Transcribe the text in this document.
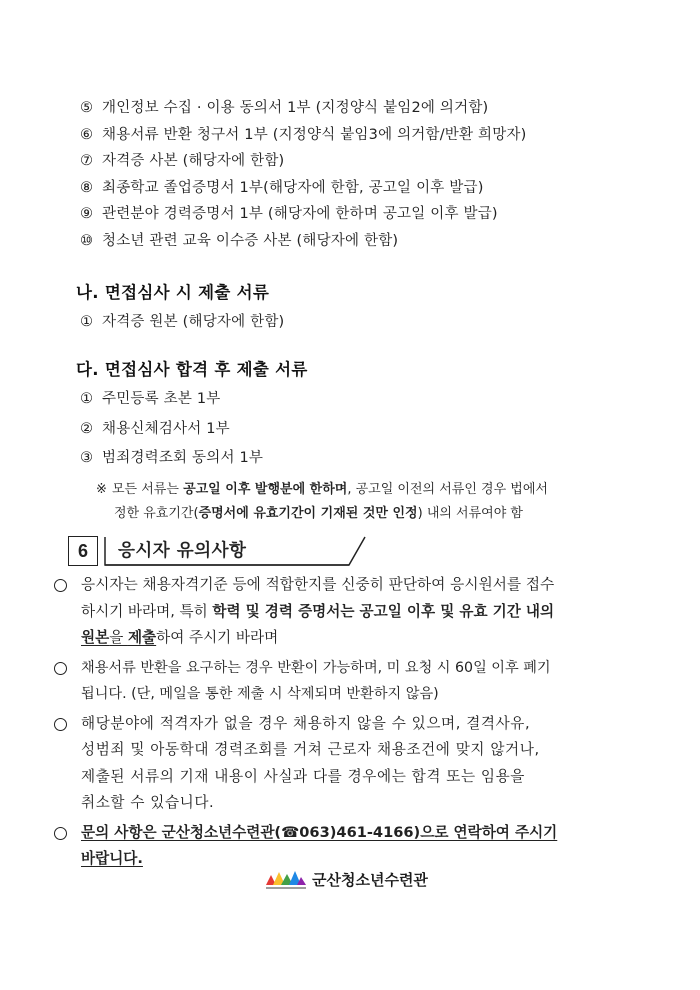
⑤ 개인정보 수집 · 이용 동의서 1부 (지정양식 붙임2에 의거함)
⑥ 채용서류 반환 청구서 1부 (지정양식 붙임3에 의거함/반환 희망자)
⑦ 자격증 사본 (해당자에 한함)
⑧ 최종학교 졸업증명서 1부(해당자에 한함, 공고일 이후 발급)
⑨ 관련분야 경력증명서 1부 (해당자에 한하며 공고일 이후 발급)
⑩ 청소년 관련 교육 이수증 사본 (해당자에 한함)
나. 면접심사 시 제출 서류
① 자격증 원본 (해당자에 한함)
다. 면접심사 합격 후 제출 서류
① 주민등록 초본 1부
② 채용신체검사서 1부
③ 범죄경력조회 동의서 1부
※ 모든 서류는 공고일 이후 발행분에 한하며, 공고일 이전의 서류인 경우 법에서
정한 유효기간(증명서에 유효기간이 기재된 것만 인정) 내의 서류여야 함
6	응시자 유의사항
응시자는 채용자격기준 등에 적합한지를 신중히 판단하여 응시원서를 접수
하시기 바라며, 특히 학력 및 경력 증명서는 공고일 이후 및 유효 기간 내의
원본을 제출하여 주시기 바라며
채용서류 반환을 요구하는 경우 반환이 가능하며, 미 요청 시 60일 이후 폐기
됩니다. (단, 메일을 통한 제출 시 삭제되며 반환하지 않음)
해당분야에 적격자가 없을 경우 채용하지 않을 수 있으며, 결격사유,
성범죄 및 아동학대 경력조회를 거쳐 근로자 채용조건에 맞지 않거나,
제출된 서류의 기재 내용이 사실과 다를 경우에는 합격 또는 임용을
취소할 수 있습니다.
문의 사항은 군산청소년수련관(☎063)461-4166)으로 연락하여 주시기
바랍니다.
군산청소년수련관
